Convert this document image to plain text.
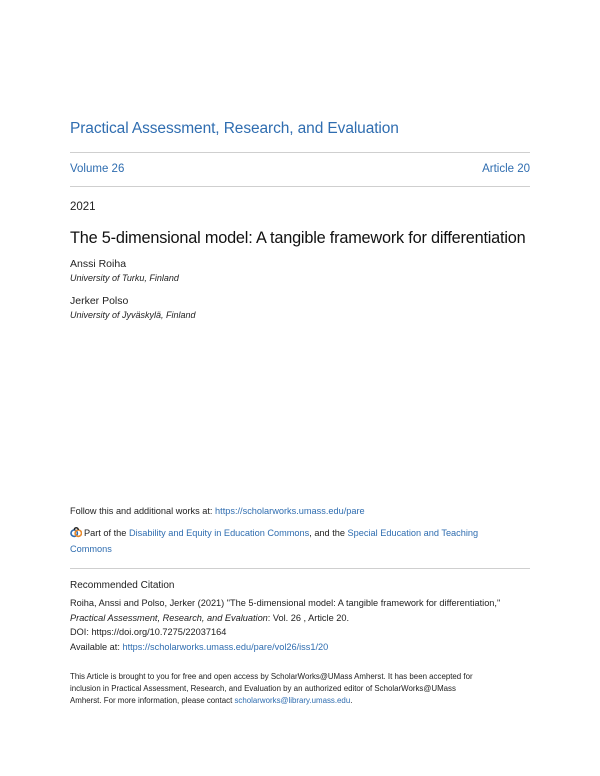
Practical Assessment, Research, and Evaluation
Volume 26	Article 20
2021
The 5-dimensional model: A tangible framework for differentiation
Anssi Roiha
University of Turku, Finland
Jerker Polso
University of Jyväskylä, Finland
Follow this and additional works at: https://scholarworks.umass.edu/pare
Part of the Disability and Equity in Education Commons, and the Special Education and Teaching
Commons
Recommended Citation
Roiha, Anssi and Polso, Jerker (2021) "The 5-dimensional model: A tangible framework for differentiation,"
Practical Assessment, Research, and Evaluation: Vol. 26 , Article 20.
DOI: https://doi.org/10.7275/22037164
Available at: https://scholarworks.umass.edu/pare/vol26/iss1/20
This Article is brought to you for free and open access by ScholarWorks@UMass Amherst. It has been accepted for
inclusion in Practical Assessment, Research, and Evaluation by an authorized editor of ScholarWorks@UMass
Amherst. For more information, please contact scholarworks@library.umass.edu.
